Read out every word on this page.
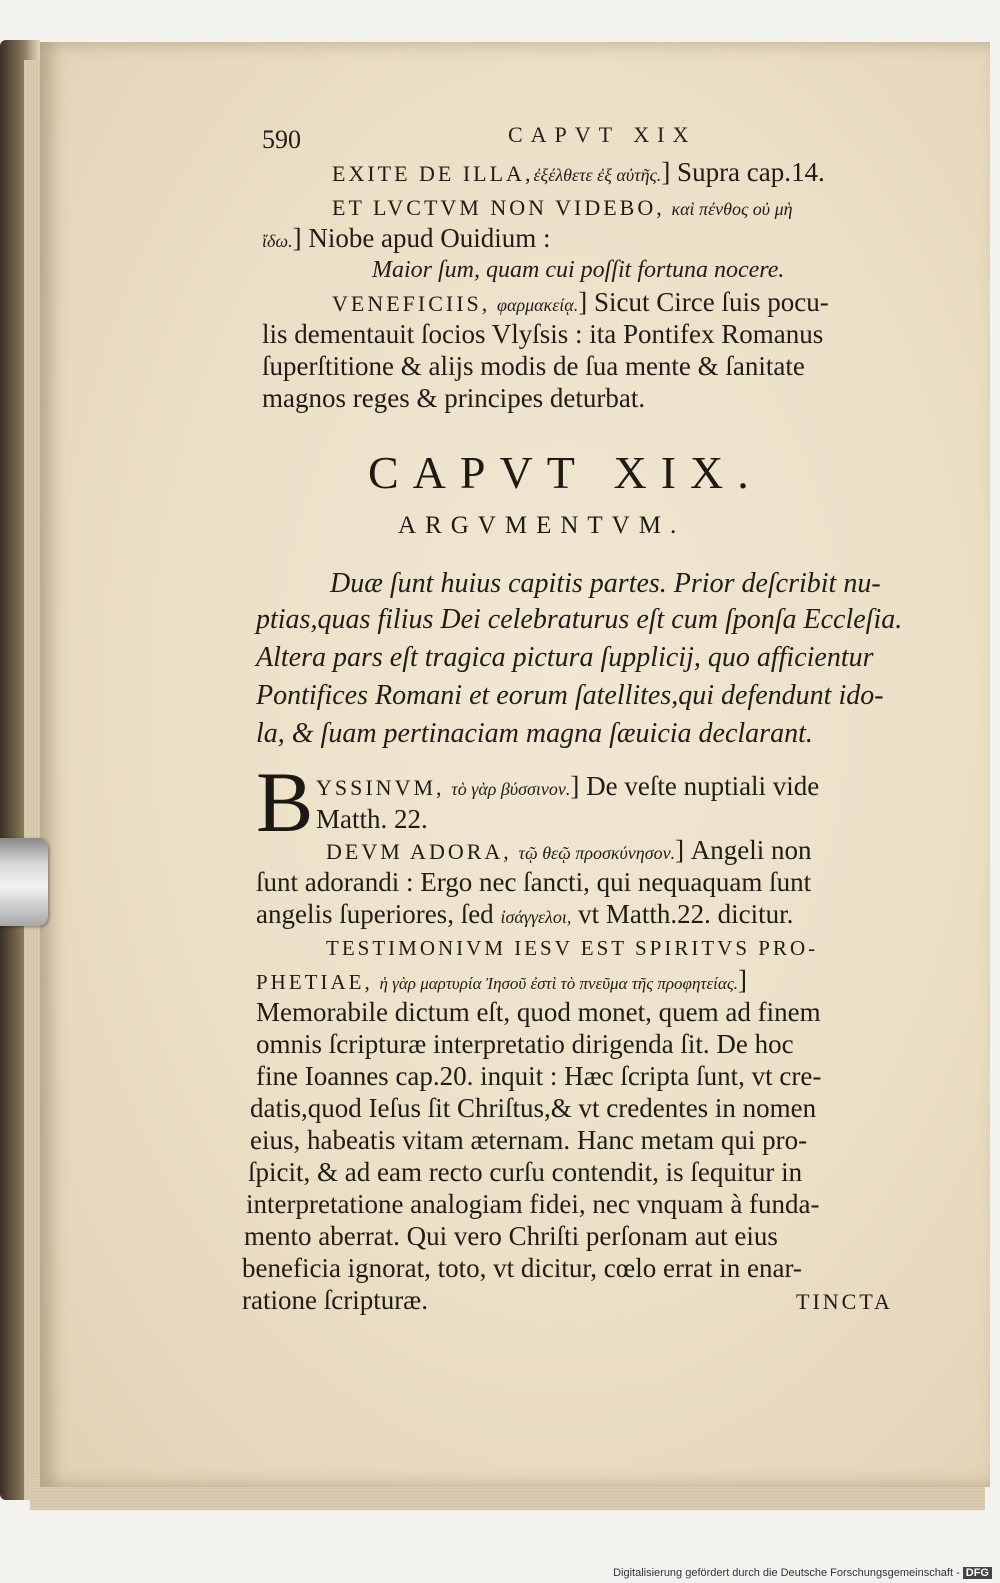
590	CAPVT XIX
EXITE DE ILLA,ἐξέλθετε ἐξ αὐτῆς.] Supra cap.14.
ET LVCTVM NON VIDEBO, καὶ πένθος οὐ μὴ
ἴδω.] Niobe apud Ouidium :
Maior ſum, quam cui poſſit fortuna nocere.
VENEFICIIS, φαρμακείᾳ.] Sicut Circe ſuis pocu-
lis dementauit ſocios Vlyſsis : ita Pontifex Romanus
ſuperſtitione & alijs modis de ſua mente & ſanitate
magnos reges & principes deturbat.
CAPVT XIX.
ARGVMENTVM.
Duæ ſunt huius capitis partes. Prior deſcribit nu-
ptias,quas filius Dei celebraturus eſt cum ſponſa Eccleſia.
Altera pars eſt tragica pictura ſupplicij, quo afficientur
Pontifices Romani et eorum ſatellites,qui defendunt ido-
la, & ſuam pertinaciam magna ſæuicia declarant.
B YSSINVM, τὸ γὰρ βύσσινον.] De veſte nuptiali vide
Matth. 22.
DEVM ADORA, τῷ θεῷ προσκύνησον.] Angeli non
ſunt adorandi : Ergo nec ſancti, qui nequaquam ſunt
angelis ſuperiores, ſed ἰσάγγελοι, vt Matth.22. dicitur.
TESTIMONIVM IESV EST SPIRITVS PRO-
PHETIAE, ἡ γὰρ μαρτυρία Ἰησοῦ ἐστὶ τὸ πνεῦμα τῆς προφητείας.]
Memorabile dictum eſt, quod monet, quem ad finem
omnis ſcripturæ interpretatio dirigenda ſit. De hoc
fine Ioannes cap.20. inquit : Hæc ſcripta ſunt, vt cre-
datis,quod Ieſus ſit Chriſtus,& vt credentes in nomen
eius, habeatis vitam æternam. Hanc metam qui pro-
ſpicit, & ad eam recto curſu contendit, is ſequitur in
interpretatione analogiam fidei, nec vnquam à funda-
mento aberrat. Qui vero Chriſti perſonam aut eius
beneficia ignorat, toto, vt dicitur, cœlo errat in enar-
ratione ſcripturæ.	TINCTA
Digitalisierung gefördert durch die Deutsche Forschungsgemeinschaft - DFG
